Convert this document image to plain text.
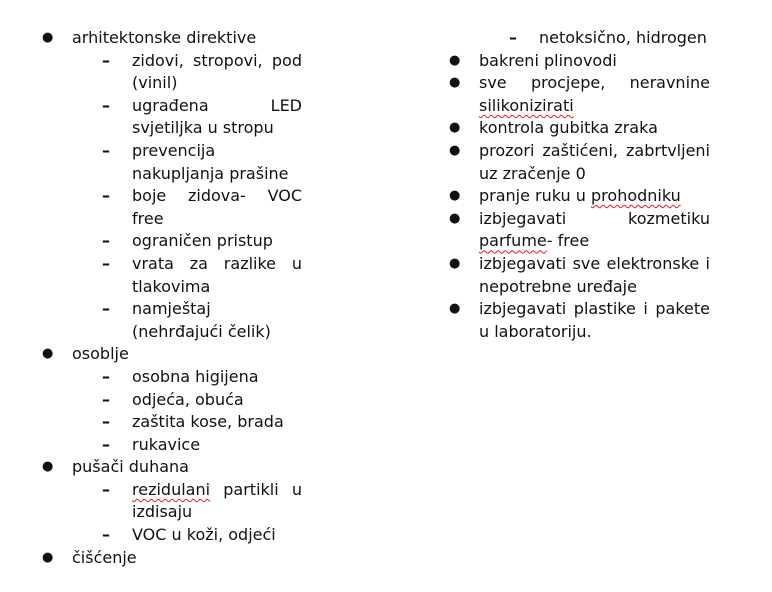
● arhitektonske direktive
– zidovi, stropovi, pod (vinil)
– ugrađena LED svjetiljka u stropu
– prevencija nakupljanja prašine
– boje zidova- VOC free
– ograničen pristup
– vrata za razlike u tlakovima
– namještaj (nehrđajući čelik)
● osoblje
– osobna higijena
– odjeća, obuća
– zaštita kose, brada
– rukavice
● pušači duhana
– rezidulani partikli u izdisaju
– VOC u koži, odjeći
● čišćenje
– netoksično, hidrogen
● bakreni plinovodi
● sve procjepe, neravnine silikonizirati
● kontrola gubitka zraka
● prozori zaštićeni, zabrtvljeni uz zračenje 0
● pranje ruku u prohodniku
● izbjegavati kozmetiku parfume- free
● izbjegavati sve elektronske i nepotrebne uređaje
● izbjegavati plastike i pakete u laboratoriju.
